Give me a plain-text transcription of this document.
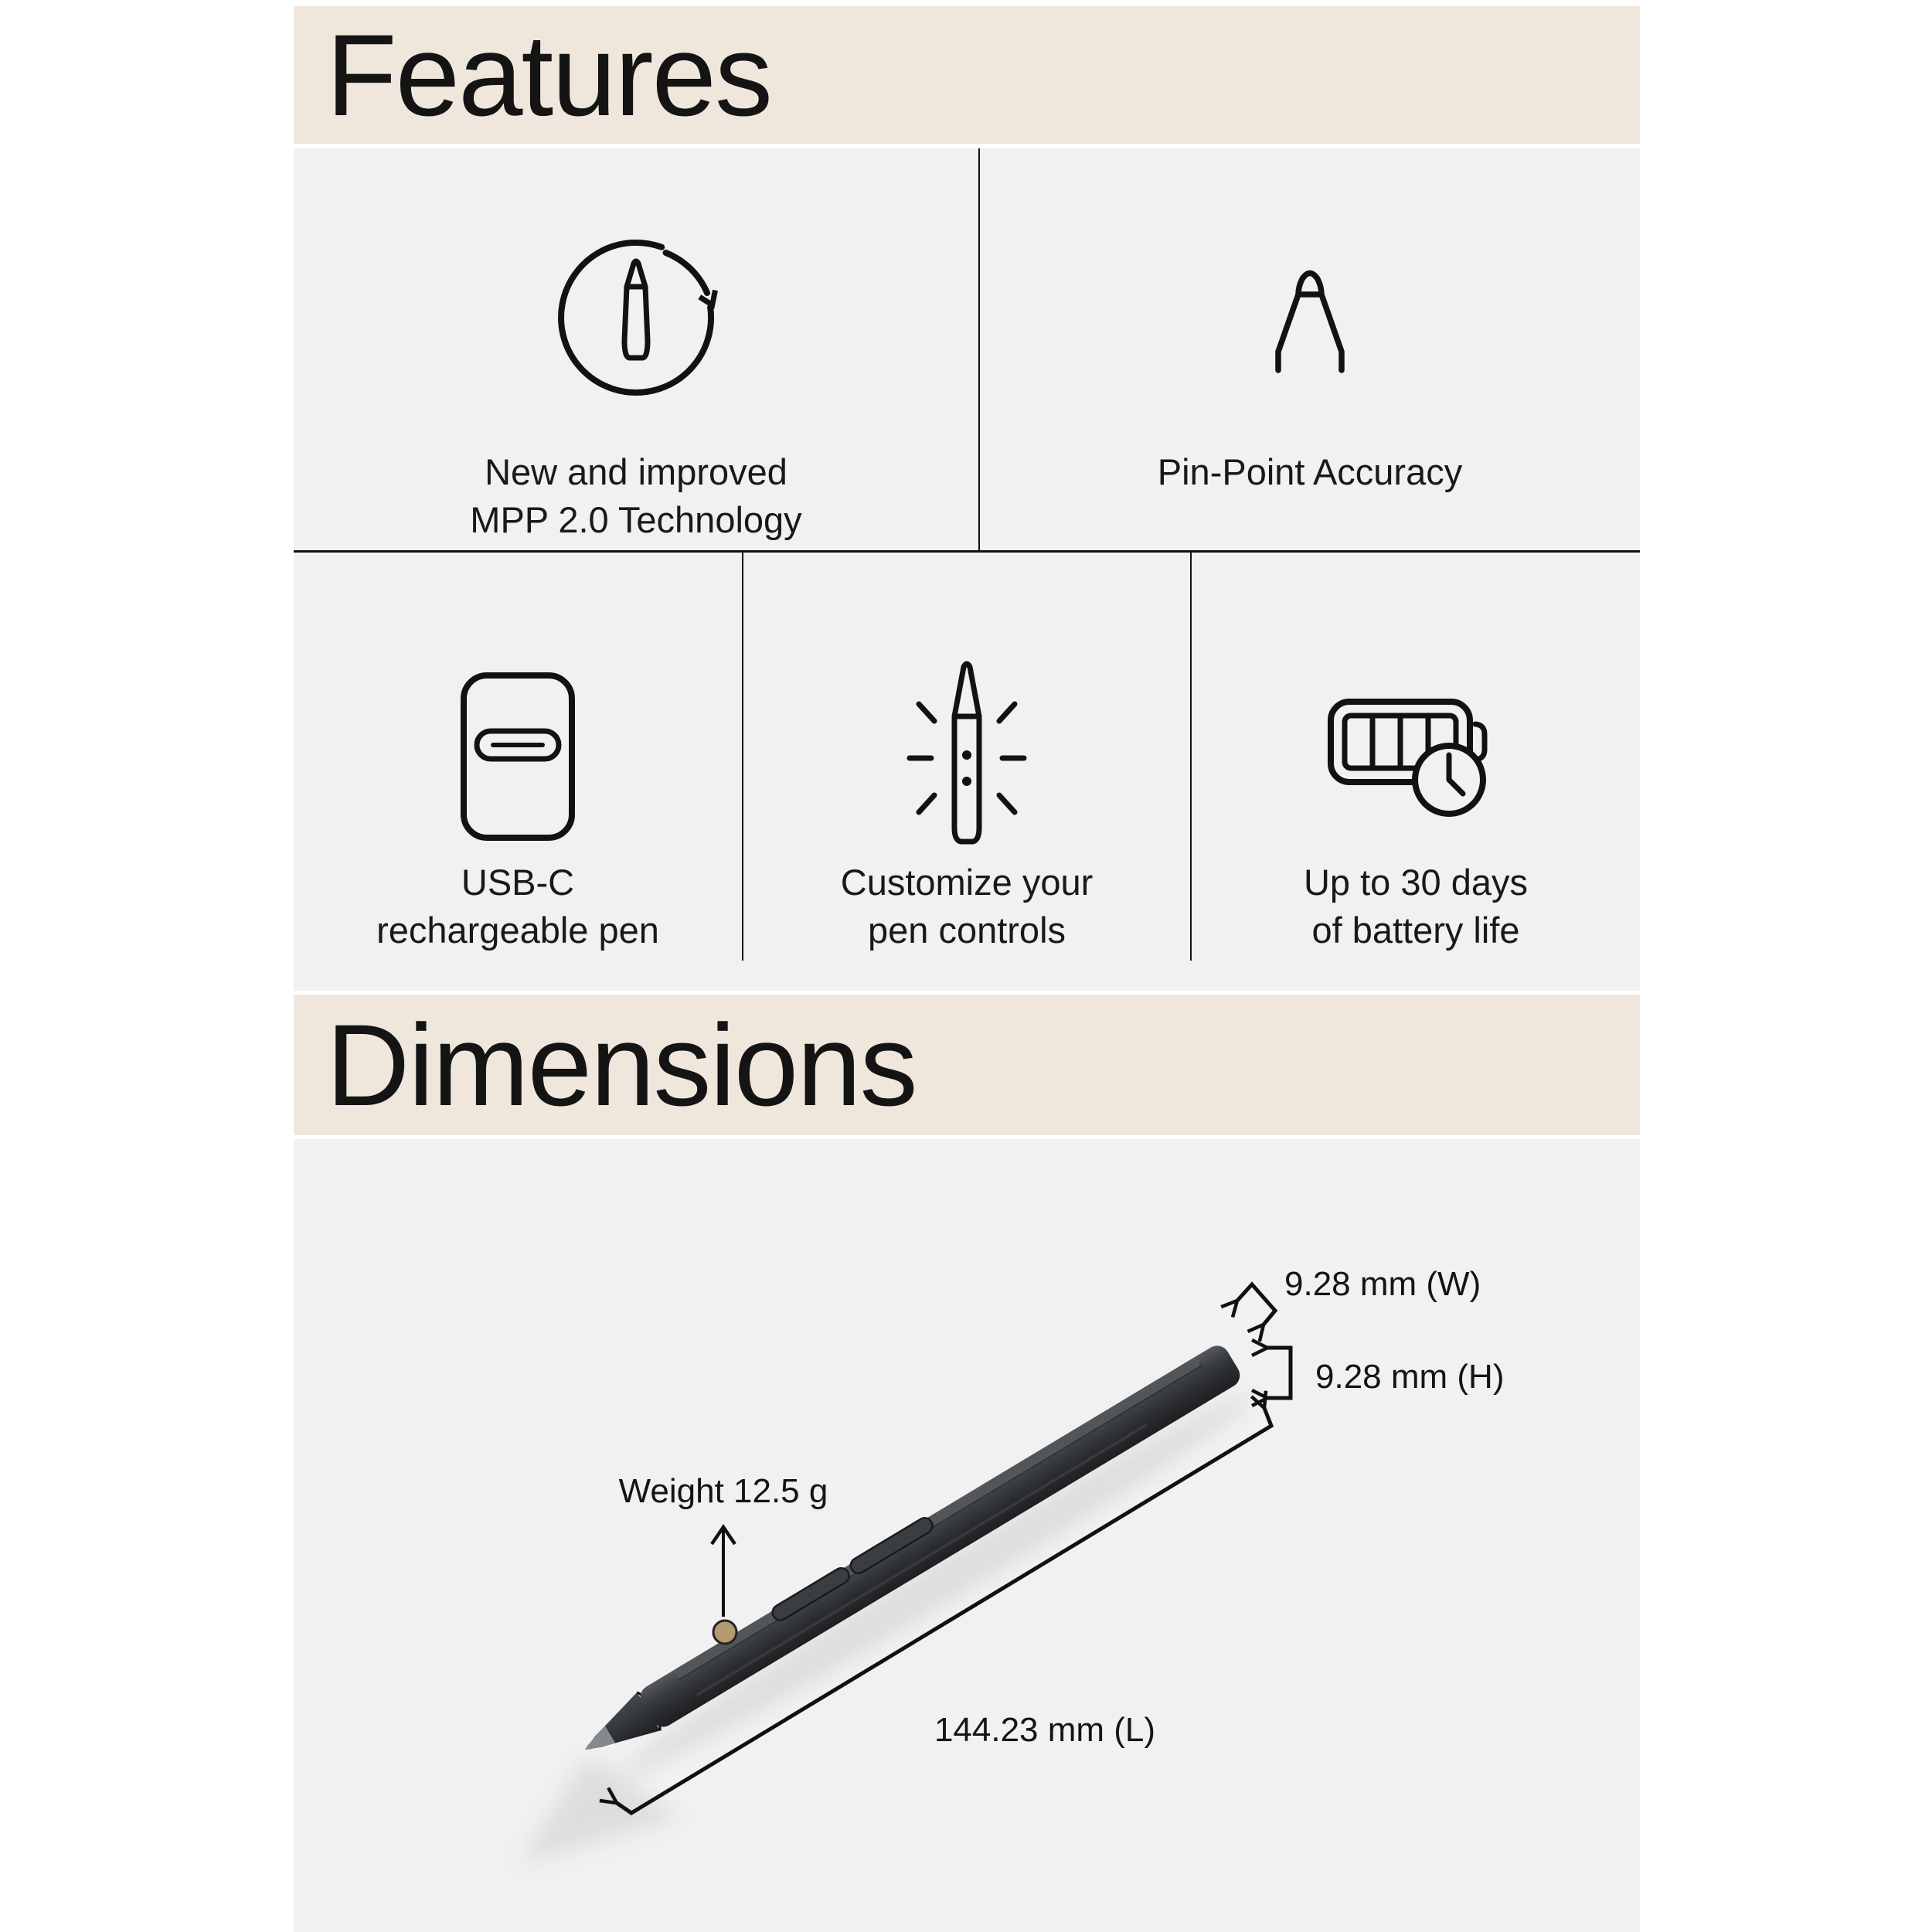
Features
New and improved
MPP 2.0 Technology
Pin-Point Accuracy
USB-C
rechargeable pen
Customize your
pen controls
Up to 30 days
of battery life
Dimensions
Weight 12.5 g
9.28 mm (W)
9.28 mm (H)
144.23 mm (L)
